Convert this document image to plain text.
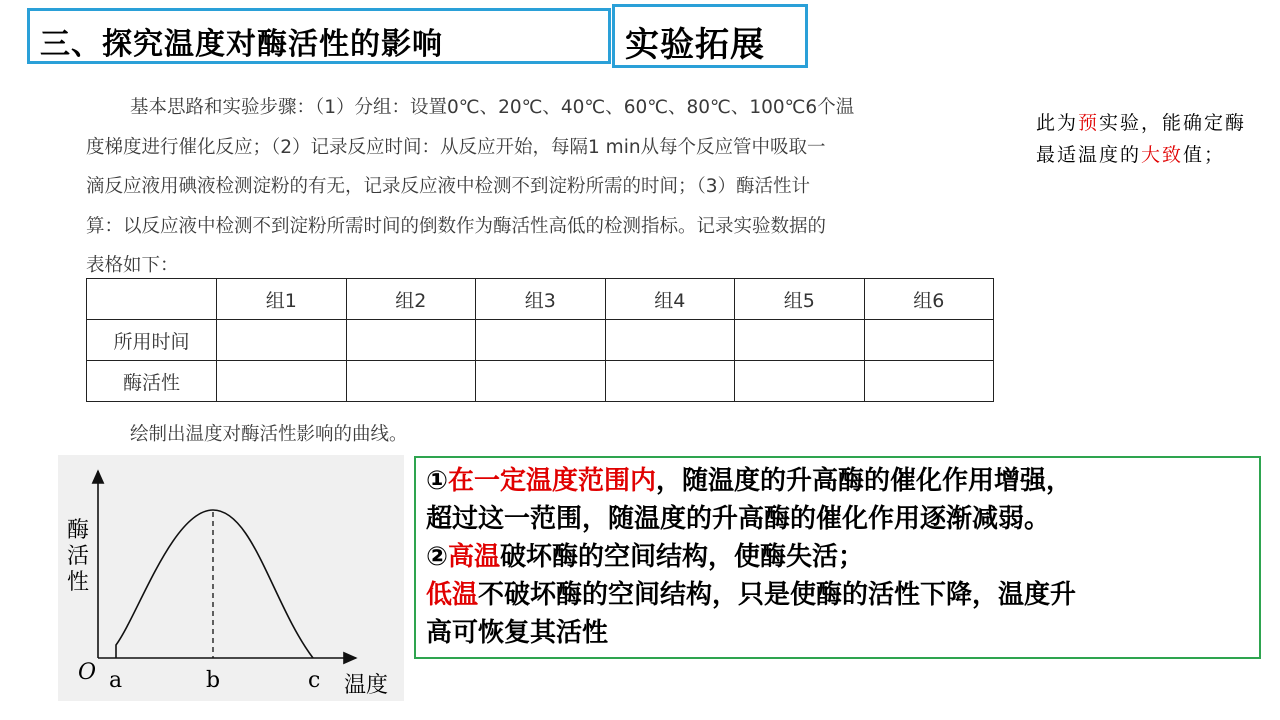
三、探究温度对酶活性的影响	实验拓展

基本思路和实验步骤：（1）分组：设置0℃、20℃、40℃、60℃、80℃、100℃6个温
度梯度进行催化反应；（2）记录反应时间：从反应开始，每隔1 min从每个反应管中吸取一
滴反应液用碘液检测淀粉的有无，记录反应液中检测不到淀粉所需的时间；（3）酶活性计
算：以反应液中检测不到淀粉所需时间的倒数作为酶活性高低的检测指标。记录实验数据的
表格如下：

	组1	组2	组3	组4	组5	组6
所用时间						
酶活性						
绘制出温度对酶活性影响的曲线。
此为预实验，能确定酶最适温度的大致值；
O a	b	c 温度
酶活性

①在一定温度范围内，随温度的升高酶的催化作用增强，

超过这一范围，随温度的升高酶的催化作用逐渐减弱。

②高温破坏酶的空间结构，使酶失活；

低温不破坏酶的空间结构，只是使酶的活性下降，温度升

高可恢复其活性
